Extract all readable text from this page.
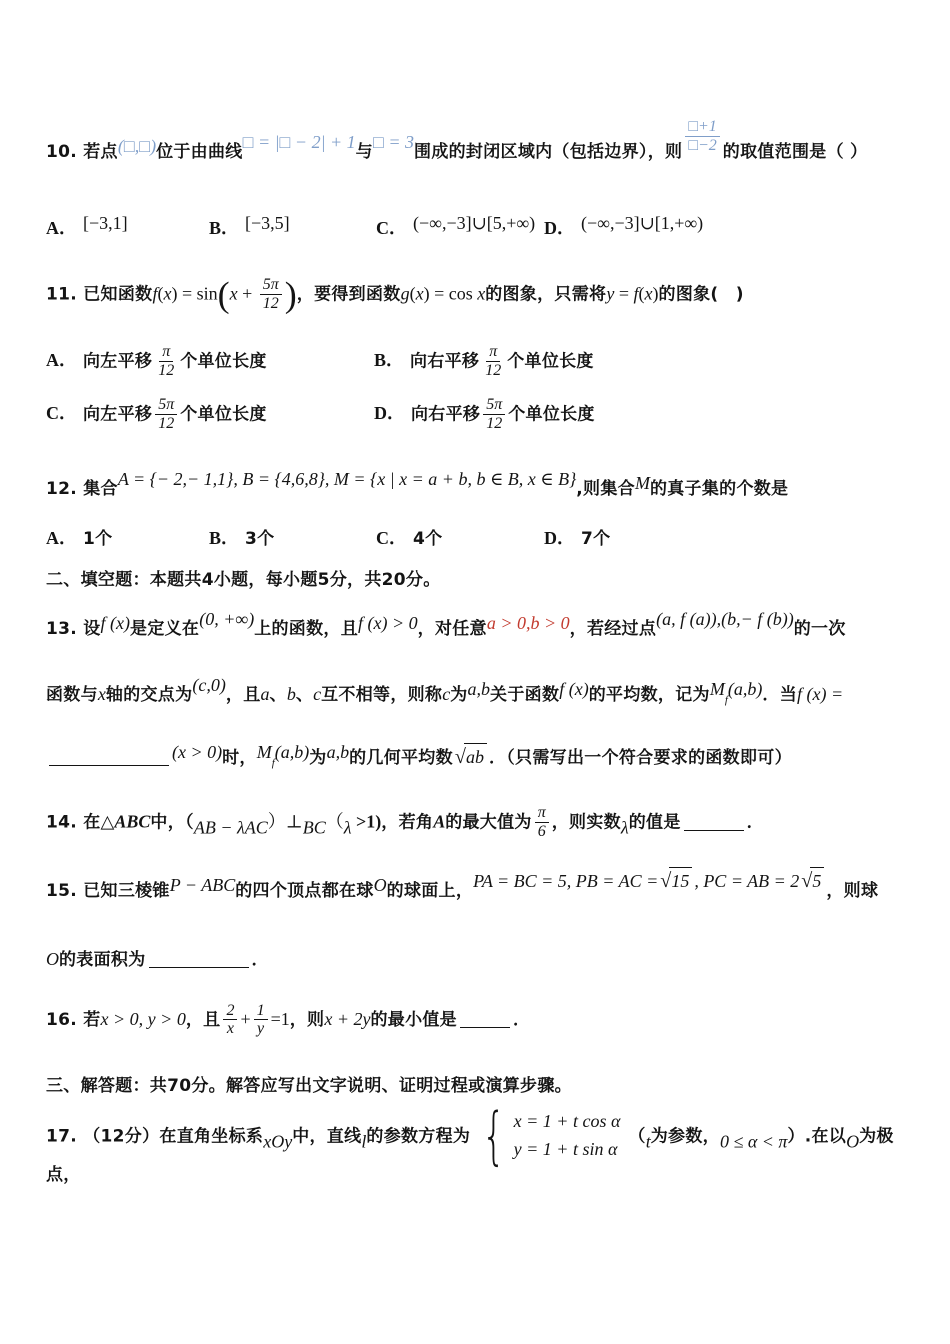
10. 若点(□,□)位于由曲线□ = |□ − 2| + 1与□ = 3围成的封闭区域内（包括边界），则 $\frac{□+1}{□-2}$ 的取值范围是（ ）
A． [−3,1]	B． [−3,5]	C． (−∞,−3]∪[5,+∞) D． (−∞,−3]∪[1,+∞)
11. 已知函数$f(x) = \sin(x + \frac{5\pi}{12}$ )，要得到函数g(x) = cos x的图象，只需将y = f(x)的图象(　)
A． 向左平移 $\frac{\pi}{12}$ 个单位长度	B． 向右平移 $\frac{\pi}{12}$ 个单位长度
C． 向左平移 $\frac{5\pi}{12}$ 个单位长度	D． 向右平移 $\frac{5\pi}{12}$ 个单位长度
12. 集合A = {− 2,− 1,1}, B = {4,6,8}, M = {x | x = a + b, b ∈ B, x ∈ B},则集合M的真子集的个数是
A． 1个	B． 3个	C． 4个	D． 7个
二、填空题：本题共4小题，每小题5分，共20分。
13. 设f (x)是定义在(0, +∞)上的函数，且f (x) > 0，对任意a > 0,b > 0，若经过点(a, f (a)),(b,− f (b))的一次
函数与x轴的交点为(c,0)，且a、b、c互不相等，则称c为a,b关于函数f (x)的平均数，记为$M_f(a,b)$．当f (x) =
(x > 0)时，$M_f(a,b)$为a,b的几何平均数 √ ab ．（只需写出一个符合要求的函数即可）
14. 在△ABC中，（AB − λAC）⊥BC（λ >1)，若角A的最大值为 $\frac{\pi}{6}$ ，则实数λ的值是	．
15. 已知三棱锥P − ABC的四个顶点都在球O的球面上，PA = BC = 5, PB = AC = √ 15 , PC = AB = 2 √ 5 ，则球
O的表面积为	．
16. 若x > 0, y > 0，且 $\frac{2}{x} + \frac{1}{y} =1$，则x + 2y的最小值是	．
三、解答题：共70分。解答应写出文字说明、证明过程或演算步骤。
17. （12分）在直角坐标系xOy中，直线l的参数方程为 { x = 1 + t cos α
y = 1 + t sin α
（t为参数，0 ≤ α < π）.在以O为极点，
